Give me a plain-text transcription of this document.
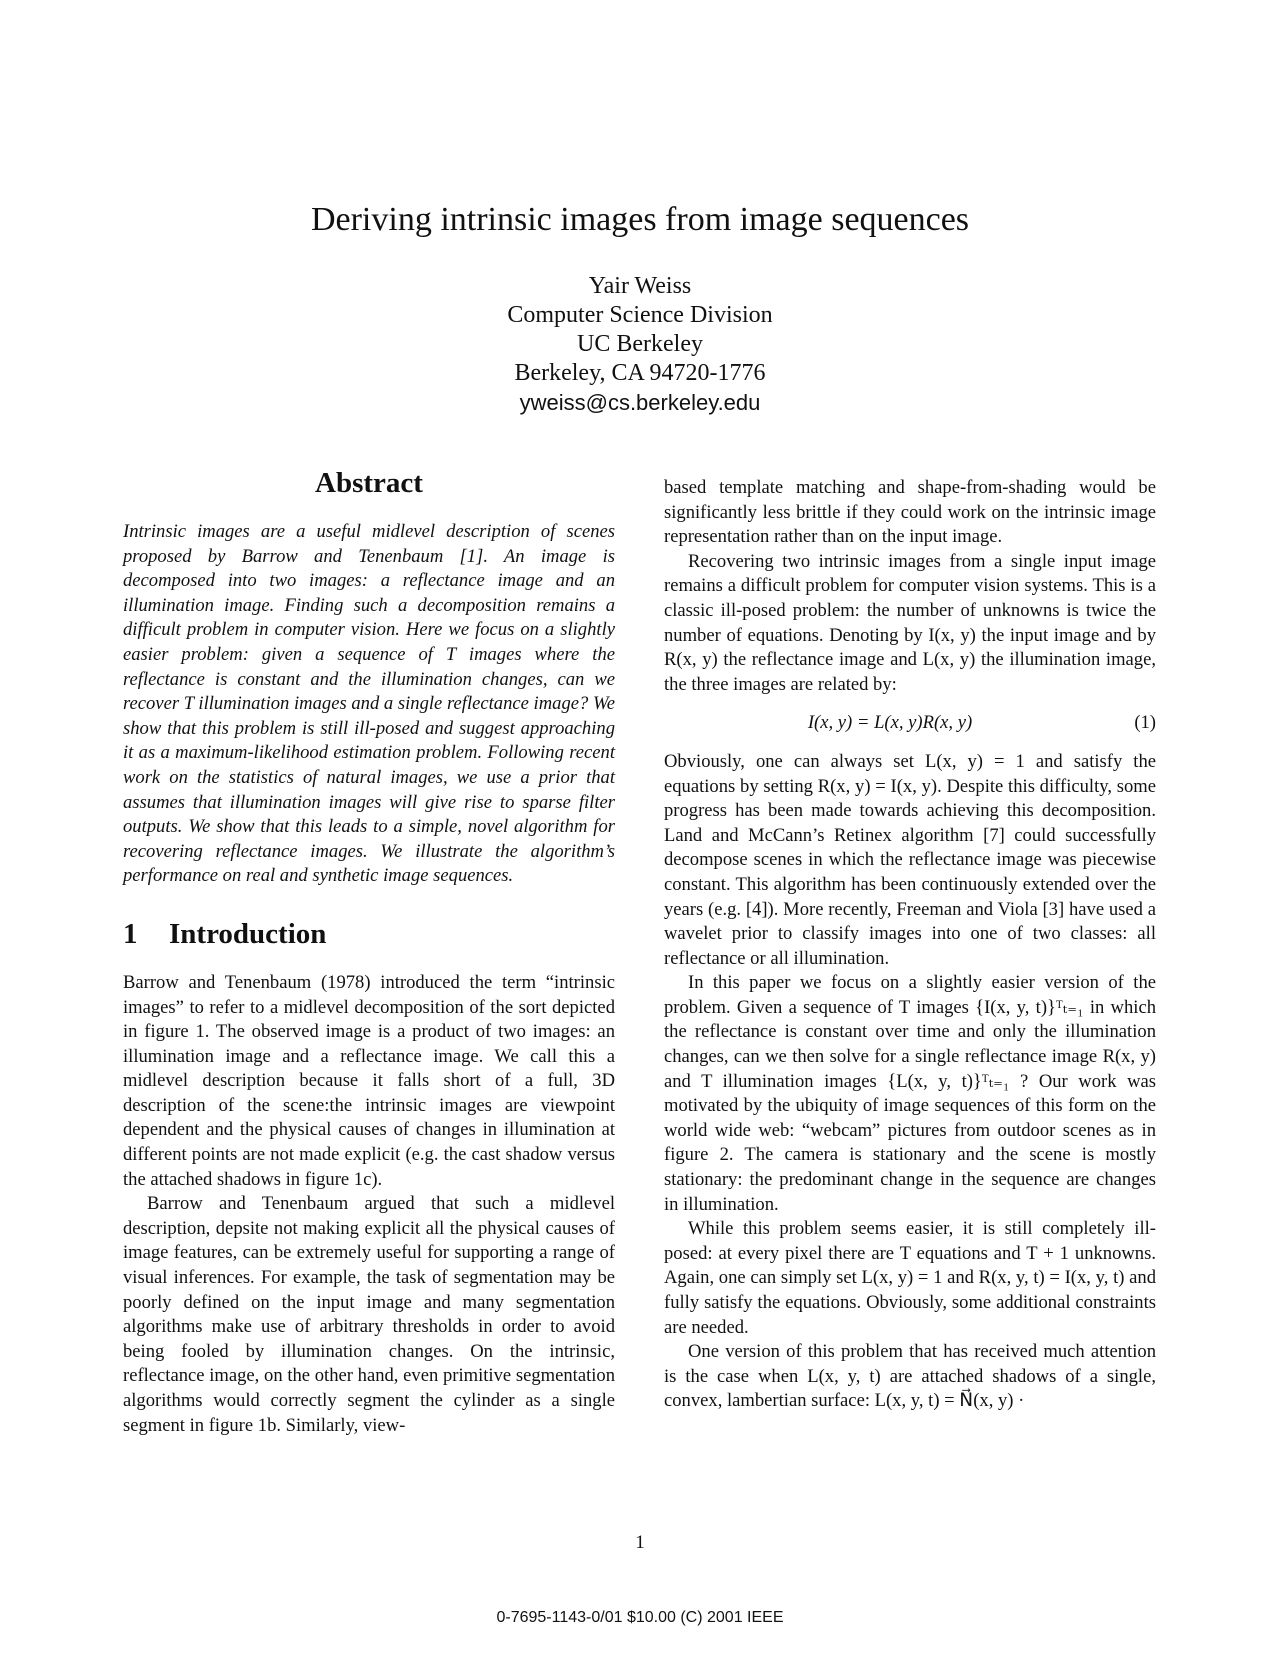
Deriving intrinsic images from image sequences
Yair Weiss
Computer Science Division
UC Berkeley
Berkeley, CA 94720-1776
yweiss@cs.berkeley.edu
Abstract

Intrinsic images are a useful midlevel description of scenes proposed by Barrow and Tenenbaum [1]. An image is decomposed into two images: a reflectance image and an illumination image. Finding such a decomposition remains a difficult problem in computer vision. Here we focus on a slightly easier problem: given a sequence of T images where the reflectance is constant and the illumination changes, can we recover T illumination images and a single reflectance image? We show that this problem is still ill-posed and suggest approaching it as a maximum-likelihood estimation problem. Following recent work on the statistics of natural images, we use a prior that assumes that illumination images will give rise to sparse filter outputs. We show that this leads to a simple, novel algorithm for recovering reflectance images. We illustrate the algorithm’s performance on real and synthetic image sequences.

1 Introduction

Barrow and Tenenbaum (1978) introduced the term “intrinsic images” to refer to a midlevel decomposition of the sort depicted in figure 1. The observed image is a product of two images: an illumination image and a reflectance image. We call this a midlevel description because it falls short of a full, 3D description of the scene:the intrinsic images are viewpoint dependent and the physical causes of changes in illumination at different points are not made explicit (e.g. the cast shadow versus the attached shadows in figure 1c).

Barrow and Tenenbaum argued that such a midlevel description, depsite not making explicit all the physical causes of image features, can be extremely useful for supporting a range of visual inferences. For example, the task of segmentation may be poorly defined on the input image and many segmentation algorithms make use of arbitrary thresholds in order to avoid being fooled by illumination changes. On the intrinsic, reflectance image, on the other hand, even primitive segmentation algorithms would correctly segment the cylinder as a single segment in figure 1b. Similarly, view-

based template matching and shape-from-shading would be significantly less brittle if they could work on the intrinsic image representation rather than on the input image.

Recovering two intrinsic images from a single input image remains a difficult problem for computer vision systems. This is a classic ill-posed problem: the number of unknowns is twice the number of equations. Denoting by I(x, y) the input image and by R(x, y) the reflectance image and L(x, y) the illumination image, the three images are related by:

I(x, y) = L(x, y)R(x, y)	(1)

Obviously, one can always set L(x, y) = 1 and satisfy the equations by setting R(x, y) = I(x, y). Despite this difficulty, some progress has been made towards achieving this decomposition. Land and McCann’s Retinex algorithm [7] could successfully decompose scenes in which the reflectance image was piecewise constant. This algorithm has been continuously extended over the years (e.g. [4]). More recently, Freeman and Viola [3] have used a wavelet prior to classify images into one of two classes: all reflectance or all illumination.

In this paper we focus on a slightly easier version of the problem. Given a sequence of T images {I(x, y, t)}ᵀₜ₌₁ in which the reflectance is constant over time and only the illumination changes, can we then solve for a single reflectance image R(x, y) and T illumination images {L(x, y, t)}ᵀₜ₌₁ ? Our work was motivated by the ubiquity of image sequences of this form on the world wide web: “webcam” pictures from outdoor scenes as in figure 2. The camera is stationary and the scene is mostly stationary: the predominant change in the sequence are changes in illumination.

While this problem seems easier, it is still completely ill-posed: at every pixel there are T equations and T + 1 unknowns. Again, one can simply set L(x, y) = 1 and R(x, y, t) = I(x, y, t) and fully satisfy the equations. Obviously, some additional constraints are needed.

One version of this problem that has received much attention is the case when L(x, y, t) are attached shadows of a single, convex, lambertian surface: L(x, y, t) = N⃗(x, y) ·

1
0-7695-1143-0/01 $10.00 (C) 2001 IEEE
